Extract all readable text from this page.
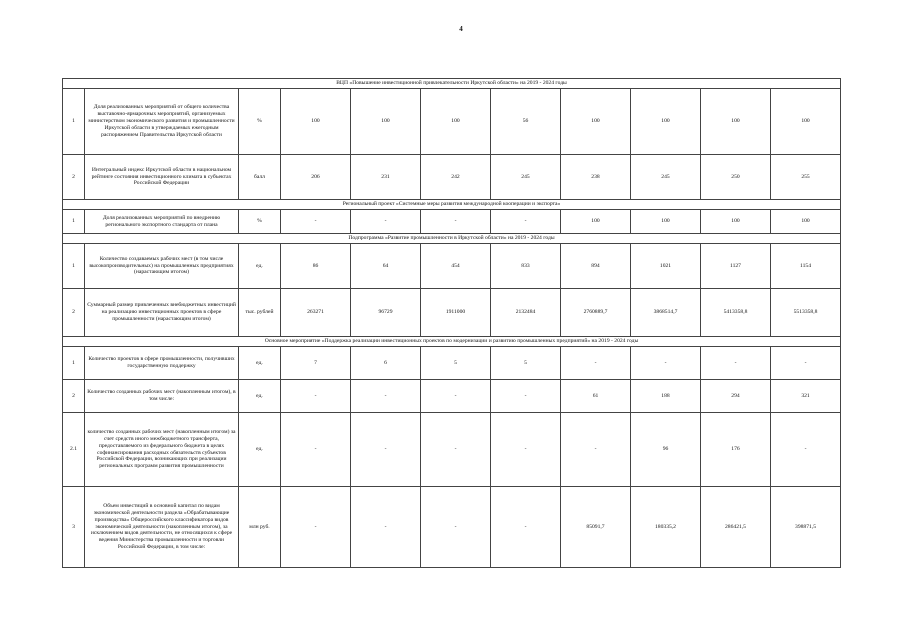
4
ВЦП «Повышение инвестиционной привлекательности Иркутской области» на 2019 - 2024 годы										
1	Доля реализованных мероприятий от общего количества выставочно-ярмарочных мероприятий, организуемых министерством экономического развития и промышленности Иркутской области в утверждаемых ежегодным распоряжением Правительства Иркутской области	%	100	100	100	56	100	100	100	100
2	Интегральный индекс Иркутской области в национальном рейтинге состояния инвестиционного климата в субъектах Российской Федерации	балл	206	231	242	245	238	245	250	255
Региональный проект «Системные меры развития международной кооперации и экспорта»										
1	Доля реализованных мероприятий по внедрению регионального экспортного стандарта от плана	%	-	-	-	-	100	100	100	100
Подпрограмма «Развитие промышленности в Иркутской области» на 2019 - 2024 годы										
1	Количество создаваемых рабочих мест (в том числе высокопроизводительных) на промышленных предприятиях (нарастающим итогом)	ед.	86	64	454	833	894	1021	1127	1154
2	Суммарный размер привлеченных внебюджетных инвестиций на реализацию инвестиционных проектов в сфере промышленности (нарастающим итогом)	тыс. рублей	263271	96729	1911000	2132484	2760889,7	3868514,7	5413358,8	5513358,8
Основное мероприятие «Поддержка реализации инвестиционных проектов по модернизации и развитию промышленных предприятий» на 2019 - 2024 годы										
1	Количество проектов в сфере промышленности, получивших государственную поддержку	ед.	7	6	5	5	-	-	-	-
2	Количество созданных рабочих мест (накопленным итогом), в том числе:	ед.	-	-	-	-	61	188	294	321
2.1	количество созданных рабочих мест (накопленным итогом) за счет средств иного межбюджетного трансферта, предоставляемого из федерального бюджета в целях софинансирования расходных обязательств субъектов Российской Федерации, возникающих при реализации региональных программ развития промышленности	ед.	-	-	-	-	-	96	176	-
3	Объем инвестиций в основной капитал по видам экономической деятельности раздела «Обрабатывающие производства» Общероссийского классификатора видов экономической деятельности (накопленным итогом), за исключением видов деятельности, не относящихся к сфере ведения Министерства промышленности и торговли Российской Федерации, в том числе:	млн руб.	-	-	-	-	85091,7	180335,2	286421,5	398871,5
